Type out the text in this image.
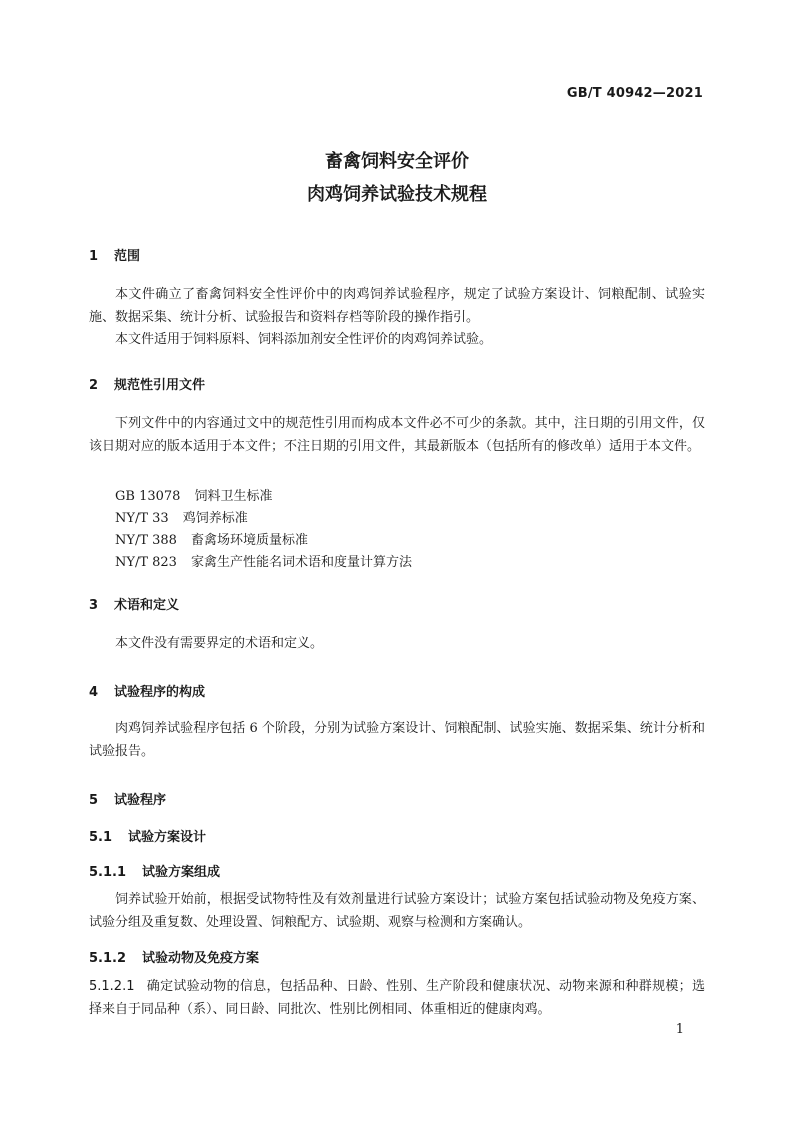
GB/T 40942—2021
畜禽饲料安全评价
肉鸡饲养试验技术规程
1 范围

本文件确立了畜禽饲料安全性评价中的肉鸡饲养试验程序，规定了试验方案设计、饲粮配制、试验实施、数据采集、统计分析、试验报告和资料存档等阶段的操作指引。

本文件适用于饲料原料、饲料添加剂安全性评价的肉鸡饲养试验。

2 规范性引用文件

下列文件中的内容通过文中的规范性引用而构成本文件必不可少的条款。其中，注日期的引用文件，仅该日期对应的版本适用于本文件；不注日期的引用文件，其最新版本（包括所有的修改单）适用于本文件。

GB 13078 饲料卫生标准
NY/T 33 鸡饲养标准
NY/T 388 畜禽场环境质量标准
NY/T 823 家禽生产性能名词术语和度量计算方法
3 术语和定义

本文件没有需要界定的术语和定义。

4 试验程序的构成

肉鸡饲养试验程序包括 6 个阶段，分别为试验方案设计、饲粮配制、试验实施、数据采集、统计分析和试验报告。

5 试验程序
5.1 试验方案设计
5.1.1 试验方案组成

饲养试验开始前，根据受试物特性及有效剂量进行试验方案设计；试验方案包括试验动物及免疫方案、试验分组及重复数、处理设置、饲粮配方、试验期、观察与检测和方案确认。

5.1.2 试验动物及免疫方案

5.1.2.1 确定试验动物的信息，包括品种、日龄、性别、生产阶段和健康状况、动物来源和种群规模；选择来自于同品种（系）、同日龄、同批次、性别比例相同、体重相近的健康肉鸡。

1
